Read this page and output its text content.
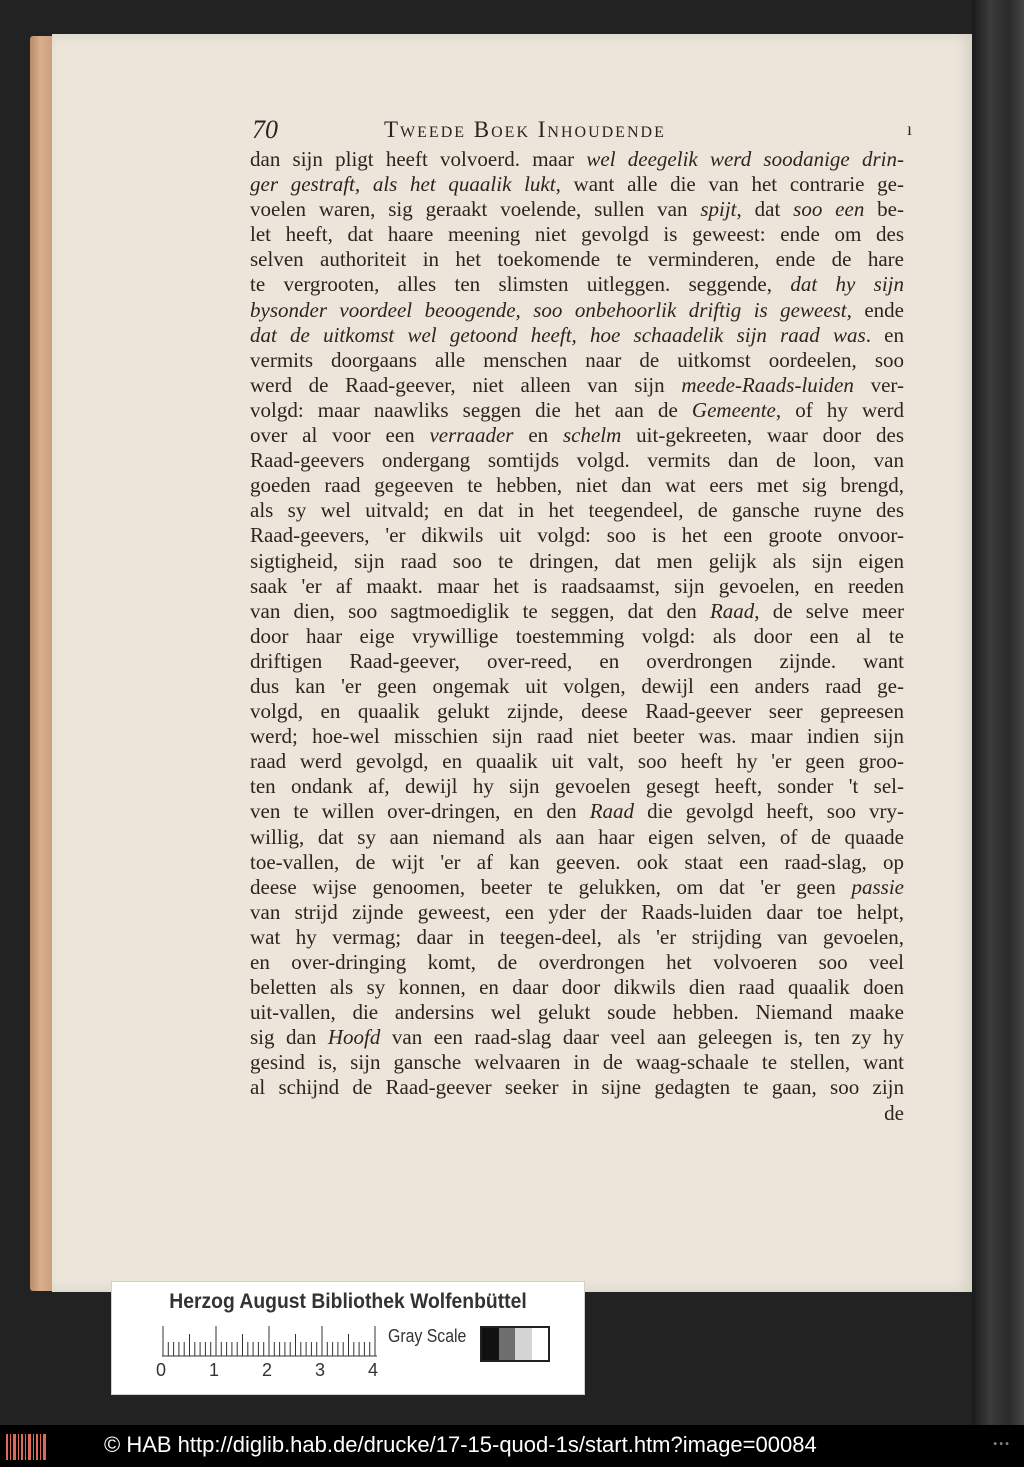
70	Tweede Boek Inhoudende	ı
dan sijn pligt heeft volvoerd. maar wel deegelik werd soodanige drin-
ger gestraft, als het quaalik lukt, want alle die van het contrarie ge-
voelen waren, sig geraakt voelende, sullen van spijt, dat soo een be-
let heeft, dat haare meening niet gevolgd is geweest: ende om des
selven authoriteit in het toekomende te verminderen, ende de hare
te vergrooten, alles ten slimsten uitleggen. seggende, dat hy sijn
bysonder voordeel beoogende, soo onbehoorlik driftig is geweest, ende
dat de uitkomst wel getoond heeft, hoe schaadelik sijn raad was. en
vermits doorgaans alle menschen naar de uitkomst oordeelen, soo
werd de Raad-geever, niet alleen van sijn meede-Raads-luiden ver-
volgd: maar naawliks seggen die het aan de Gemeente, of hy werd
over al voor een verraader en schelm uit-gekreeten, waar door des
Raad-geevers ondergang somtijds volgd. vermits dan de loon, van
goeden raad gegeeven te hebben, niet dan wat eers met sig brengd,
als sy wel uitvald; en dat in het teegendeel, de gansche ruyne des
Raad-geevers, 'er dikwils uit volgd: soo is het een groote onvoor-
sigtigheid, sijn raad soo te dringen, dat men gelijk als sijn eigen
saak 'er af maakt. maar het is raadsaamst, sijn gevoelen, en reeden
van dien, soo sagtmoediglik te seggen, dat den Raad, de selve meer
door haar eige vrywillige toestemming volgd: als door een al te
driftigen Raad-geever, over-reed, en overdrongen zijnde. want
dus kan 'er geen ongemak uit volgen, dewijl een anders raad ge-
volgd, en quaalik gelukt zijnde, deese Raad-geever seer gepreesen
werd; hoe-wel misschien sijn raad niet beeter was. maar indien sijn
raad werd gevolgd, en quaalik uit valt, soo heeft hy 'er geen groo-
ten ondank af, dewijl hy sijn gevoelen gesegt heeft, sonder 't sel-
ven te willen over-dringen, en den Raad die gevolgd heeft, soo vry-
willig, dat sy aan niemand als aan haar eigen selven, of de quaade
toe-vallen, de wijt 'er af kan geeven. ook staat een raad-slag, op
deese wijse genoomen, beeter te gelukken, om dat 'er geen passie
van strijd zijnde geweest, een yder der Raads-luiden daar toe helpt,
wat hy vermag; daar in teegen-deel, als 'er strijding van gevoelen,
en over-dringing komt, de overdrongen het volvoeren soo veel
beletten als sy konnen, en daar door dikwils dien raad quaalik doen
uit-vallen, die andersins wel gelukt soude hebben. Niemand maake
sig dan Hoofd van een raad-slag daar veel aan geleegen is, ten zy hy
gesind is, sijn gansche welvaaren in de waag-schaale te stellen, want
al schijnd de Raad-geever seeker in sijne gedagten te gaan, soo zijn
de
Herzog August Bibliothek Wolfenbüttel
0 1 2 3 4
Gray Scale
© HAB http://diglib.hab.de/drucke/17-15-quod-1s/start.htm?image=00084	•••
